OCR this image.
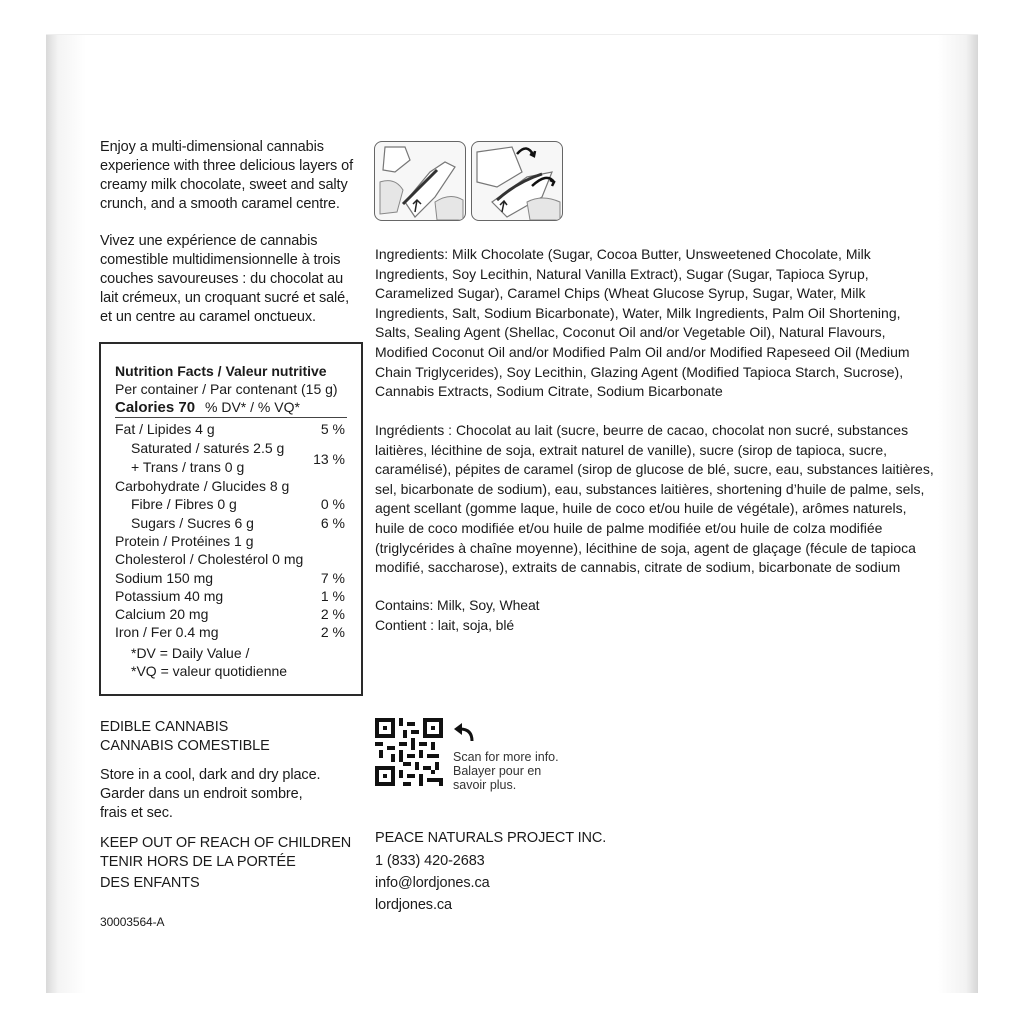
Enjoy a multi-dimensional cannabis
experience with three delicious layers of
creamy milk chocolate, sweet and salty
crunch, and a smooth caramel centre.
Vivez une expérience de cannabis
comestible multidimensionnelle à trois
couches savoureuses : du chocolat au
lait crémeux, un croquant sucré et salé,
et un centre au caramel onctueux.
Nutrition Facts / Valeur nutritive
Per container / Par contenant (15 g)
Calories 70 % DV* / % VQ*
Fat / Lipides 4 g	5 %
Saturated / saturés 2.5 g
+ Trans / trans 0 g	13 %
Carbohydrate / Glucides 8 g
Fibre / Fibres 0 g	0 %
Sugars / Sucres 6 g	6 %
Protein / Protéines 1 g
Cholesterol / Cholestérol 0 mg
Sodium 150 mg	7 %
Potassium 40 mg	1 %
Calcium 20 mg	2 %
Iron / Fer 0.4 mg	2 %
*DV = Daily Value /
*VQ = valeur quotidienne
EDIBLE CANNABIS
CANNABIS COMESTIBLE
Store in a cool, dark and dry place.
Garder dans un endroit sombre,
frais et sec.
KEEP OUT OF REACH OF CHILDREN
TENIR HORS DE LA PORTÉE
DES ENFANTS
30003564-A
Ingredients: Milk Chocolate (Sugar, Cocoa Butter, Unsweetened Chocolate, Milk
Ingredients, Soy Lecithin, Natural Vanilla Extract), Sugar (Sugar, Tapioca Syrup,
Caramelized Sugar), Caramel Chips (Wheat Glucose Syrup, Sugar, Water, Milk
Ingredients, Salt, Sodium Bicarbonate), Water, Milk Ingredients, Palm Oil Shortening,
Salts, Sealing Agent (Shellac, Coconut Oil and/or Vegetable Oil), Natural Flavours,
Modified Coconut Oil and/or Modified Palm Oil and/or Modified Rapeseed Oil (Medium
Chain Triglycerides), Soy Lecithin, Glazing Agent (Modified Tapioca Starch, Sucrose),
Cannabis Extracts, Sodium Citrate, Sodium Bicarbonate
Ingrédients : Chocolat au lait (sucre, beurre de cacao, chocolat non sucré, substances
laitières, lécithine de soja, extrait naturel de vanille), sucre (sirop de tapioca, sucre,
caramélisé), pépites de caramel (sirop de glucose de blé, sucre, eau, substances laitières,
sel, bicarbonate de sodium), eau, substances laitières, shortening d’huile de palme, sels,
agent scellant (gomme laque, huile de coco et/ou huile de végétale), arômes naturels,
huile de coco modifiée et/ou huile de palme modifiée et/ou huile de colza modifiée
(triglycérides à chaîne moyenne), lécithine de soja, agent de glaçage (fécule de tapioca
modifié, saccharose), extraits de cannabis, citrate de sodium, bicarbonate de sodium
Contains: Milk, Soy, Wheat
Contient : lait, soja, blé
Scan for more info.
Balayer pour en
savoir plus.
PEACE NATURALS PROJECT INC.
1 (833) 420-2683
info@lordjones.ca
lordjones.ca
